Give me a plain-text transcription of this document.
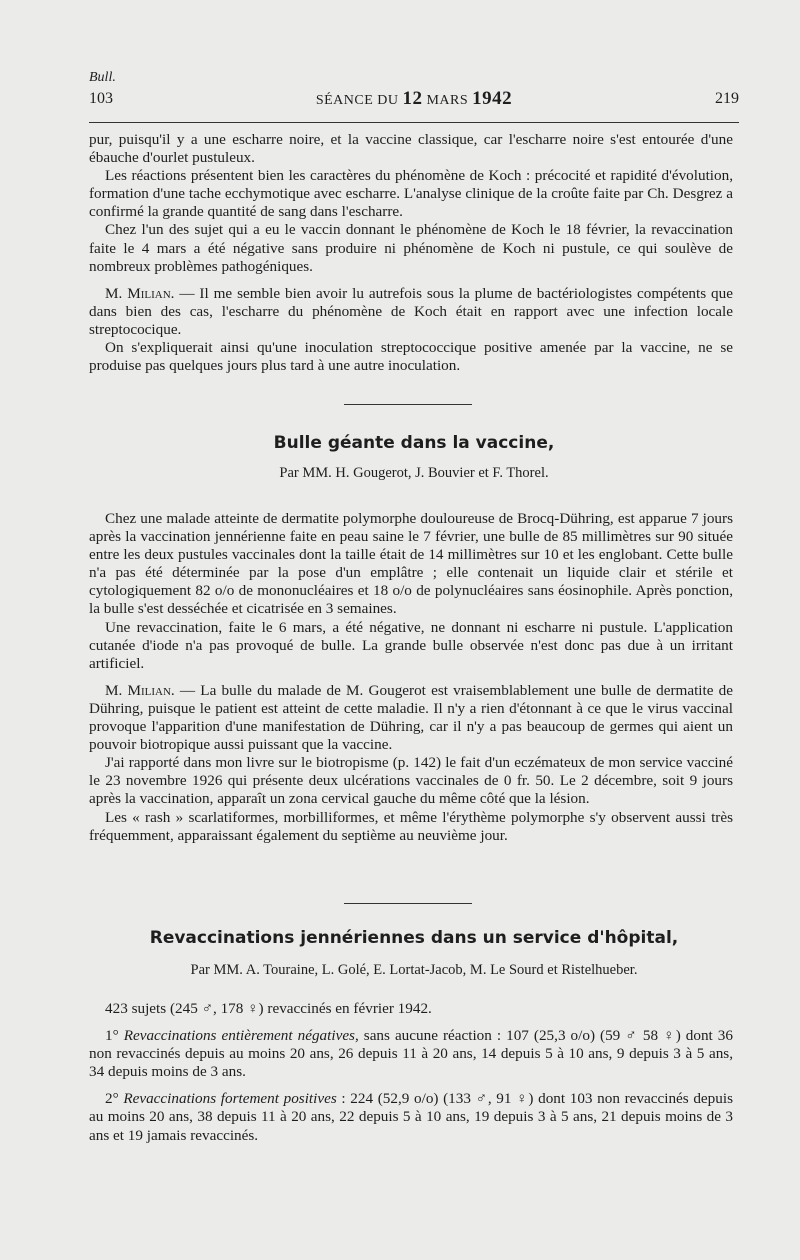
Bull.
103	SÉANCE DU 12 MARS 1942	219

pur, puisqu'il y a une escharre noire, et la vaccine classique, car l'escharre noire s'est entourée d'une ébauche d'ourlet pustuleux.

Les réactions présentent bien les caractères du phénomène de Koch : précocité et rapidité d'évolution, formation d'une tache ecchymotique avec escharre. L'analyse clinique de la croûte faite par Ch. Desgrez a confirmé la grande quantité de sang dans l'escharre.

Chez l'un des sujet qui a eu le vaccin donnant le phénomène de Koch le 18 février, la revaccination faite le 4 mars a été négative sans produire ni phénomène de Koch ni pustule, ce qui soulève de nombreux problèmes pathogéniques.

M. Milian. — Il me semble bien avoir lu autrefois sous la plume de bactériologistes compétents que dans bien des cas, l'escharre du phénomène de Koch était en rapport avec une infection locale streptococique.

On s'expliquerait ainsi qu'une inoculation streptococcique positive amenée par la vaccine, ne se produise pas quelques jours plus tard à une autre inoculation.

Bulle géante dans la vaccine,
Par MM. H. Gougerot, J. Bouvier et F. Thorel.

Chez une malade atteinte de dermatite polymorphe douloureuse de Brocq-Dühring, est apparue 7 jours après la vaccination jennérienne faite en peau saine le 7 février, une bulle de 85 millimètres sur 90 située entre les deux pustules vaccinales dont la taille était de 14 millimètres sur 10 et les englobant. Cette bulle n'a pas été déterminée par la pose d'un emplâtre ; elle contenait un liquide clair et stérile et cytologiquement 82 o/o de mononucléaires et 18 o/o de polynucléaires sans éosinophile. Après ponction, la bulle s'est desséchée et cicatrisée en 3 semaines.

Une revaccination, faite le 6 mars, a été négative, ne donnant ni escharre ni pustule. L'application cutanée d'iode n'a pas provoqué de bulle. La grande bulle observée n'est donc pas due à un irritant artificiel.

M. Milian. — La bulle du malade de M. Gougerot est vraisemblablement une bulle de dermatite de Dühring, puisque le patient est atteint de cette maladie. Il n'y a rien d'étonnant à ce que le virus vaccinal provoque l'apparition d'une manifestation de Dühring, car il n'y a pas beaucoup de germes qui aient un pouvoir biotropique aussi puissant que la vaccine.

J'ai rapporté dans mon livre sur le biotropisme (p. 142) le fait d'un eczémateux de mon service vacciné le 23 novembre 1926 qui présente deux ulcérations vaccinales de 0 fr. 50. Le 2 décembre, soit 9 jours après la vaccination, apparaît un zona cervical gauche du même côté que la lésion.

Les « rash » scarlatiformes, morbilliformes, et même l'érythème polymorphe s'y observent aussi très fréquemment, apparaissant également du septième au neuvième jour.

Revaccinations jennériennes dans un service d'hôpital,
Par MM. A. Touraine, L. Golé, E. Lortat-Jacob, M. Le Sourd et Ristelhueber.

423 sujets (245 ♂, 178 ♀) revaccinés en février 1942.

1° Revaccinations entièrement négatives, sans aucune réaction : 107 (25,3 o/o) (59 ♂ 58 ♀) dont 36 non revaccinés depuis au moins 20 ans, 26 depuis 11 à 20 ans, 14 depuis 5 à 10 ans, 9 depuis 3 à 5 ans, 34 depuis moins de 3 ans.

2° Revaccinations fortement positives : 224 (52,9 o/o) (133 ♂, 91 ♀) dont 103 non revaccinés depuis au moins 20 ans, 38 depuis 11 à 20 ans, 22 depuis 5 à 10 ans, 19 depuis 3 à 5 ans, 21 depuis moins de 3 ans et 19 jamais revaccinés.
